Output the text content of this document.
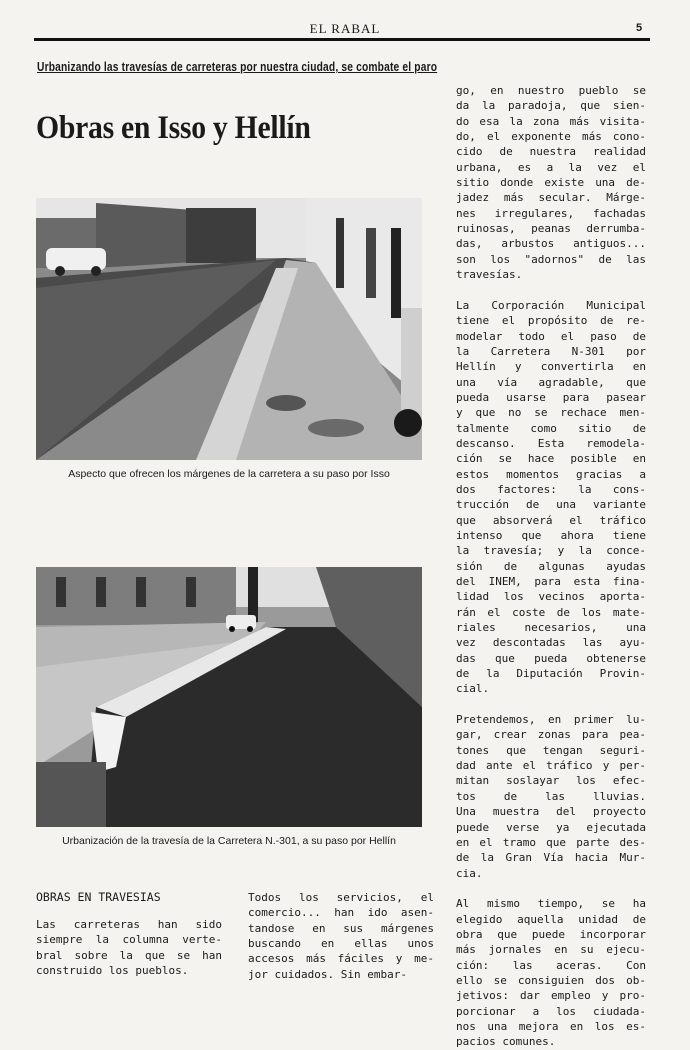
EL RABAL	5
Urbanizando las travesías de carreteras por nuestra ciudad, se combate el paro
Obras en Isso y Hellín
Aspecto que ofrecen los márgenes de la carretera a su paso por Isso
Urbanización de la travesía de la Carretera N.-301, a su paso por Hellín
OBRAS EN TRAVESIAS
Las carreteras han sido
siempre la columna verte-
bral sobre la que se han
construido los pueblos.
Todos los servicios, el
comercio... han ido asen-
tandose en sus márgenes
buscando en ellas unos
accesos más fáciles y me-
jor cuidados. Sin embar-
go, en nuestro pueblo se
da la paradoja, que sien-
do esa la zona más visita-
do, el exponente más cono-
cido de nuestra realidad
urbana, es a la vez el
sitio donde existe una de-
jadez más secular. Márge-
nes irregulares, fachadas
ruinosas, peanas derrumba-
das, arbustos antiguos...
son los "adornos" de las
travesías.
La Corporación Municipal
tiene el propósito de re-
modelar todo el paso de
la Carretera N-301 por
Hellín y convertirla en
una vía agradable, que
pueda usarse para pasear
y que no se rechace men-
talmente como sitio de
descanso. Esta remodela-
ción se hace posible en
estos momentos gracias a
dos factores: la cons-
trucción de una variante
que absorverá el tráfico
intenso que ahora tiene
la travesía; y la conce-
sión de algunas ayudas
del INEM, para esta fina-
lidad los vecinos aporta-
rán el coste de los mate-
riales necesarios, una
vez descontadas las ayu-
das que pueda obtenerse
de la Diputación Provin-
cial.
Pretendemos, en primer lu-
gar, crear zonas para pea-
tones que tengan seguri-
dad ante el tráfico y per-
mitan soslayar los efec-
tos de las lluvias.
Una muestra del proyecto
puede verse ya ejecutada
en el tramo que parte des-
de la Gran Vía hacia Mur-
cia.
Al mismo tiempo, se ha
elegido aquella unidad de
obra que puede incorporar
más jornales en su ejecu-
ción: las aceras. Con
ello se consiguien dos ob-
jetivos: dar empleo y pro-
porcionar a los ciudada-
nos una mejora en los es-
pacios comunes.
